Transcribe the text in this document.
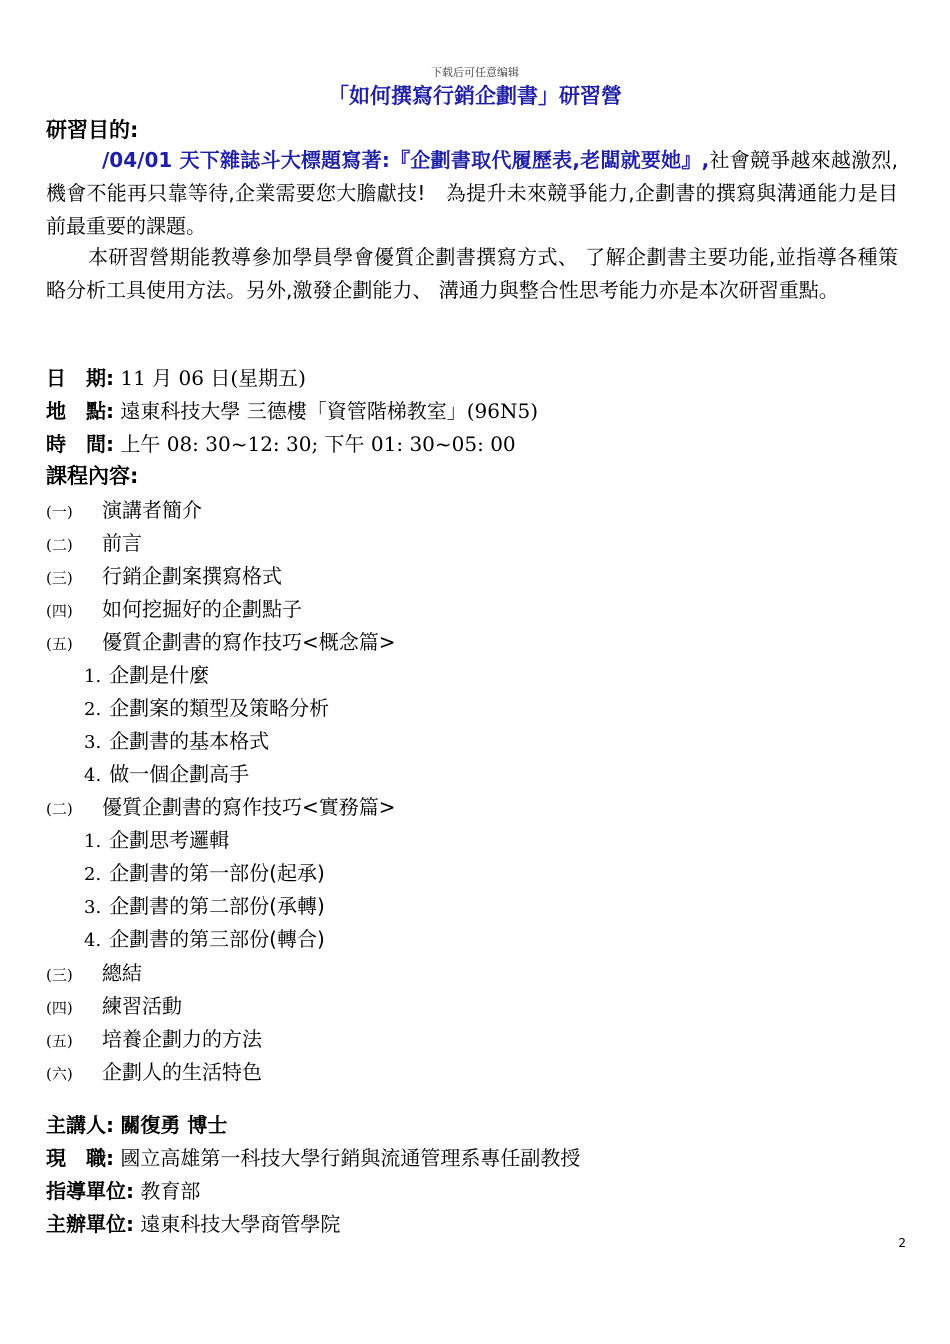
下载后可任意编辑
「如何撰寫行銷企劃書」研習營
研習目的:
/04/01 天下雜誌斗大標題寫著:『企劃書取代履歷表,老闆就要她』,社會競爭越來越激烈,機會不能再只靠等待,企業需要您大膽獻技!　為提升未來競爭能力,企劃書的撰寫與溝通能力是目前最重要的課題。
本研習營期能教導參加學員學會優質企劃書撰寫方式、 了解企劃書主要功能,並指導各種策略分析工具使用方法。另外,激發企劃能力、 溝通力與整合性思考能力亦是本次研習重點。
日　期: 11 月 06 日(星期五)
地　點: 遠東科技大學 三德樓「資管階梯教室」(96N5)
時　間: 上午 08: 30~12: 30; 下午 01: 30~05: 00
課程內容:
(一) 演講者簡介
(二) 前言
(三) 行銷企劃案撰寫格式
(四) 如何挖掘好的企劃點子
(五) 優質企劃書的寫作技巧<概念篇>
1. 企劃是什麼
2. 企劃案的類型及策略分析
3. 企劃書的基本格式
4. 做一個企劃高手
(二) 優質企劃書的寫作技巧<實務篇>
1. 企劃思考邏輯
2. 企劃書的第一部份(起承)
3. 企劃書的第二部份(承轉)
4. 企劃書的第三部份(轉合)
(三) 總結
(四) 練習活動
(五) 培養企劃力的方法
(六) 企劃人的生活特色
主講人: 關復勇 博士
現　職: 國立高雄第一科技大學行銷與流通管理系專任副教授
指導單位: 教育部
主辦單位: 遠東科技大學商管學院
2
